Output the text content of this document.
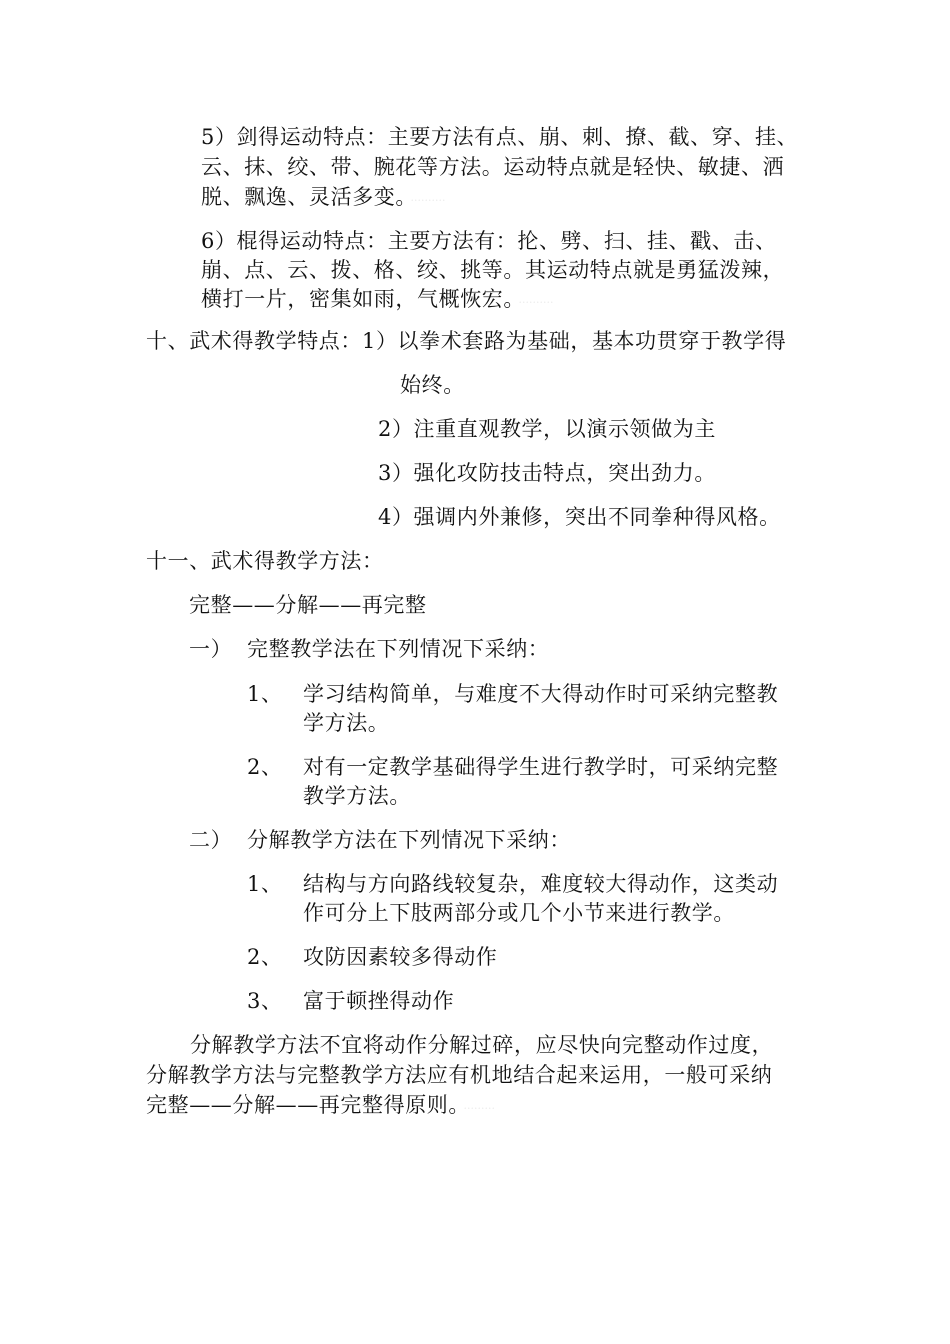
5）剑得运动特点：主要方法有点、崩、刺、撩、截、穿、挂、
云、抹、绞、带、腕花等方法。运动特点就是轻快、敏捷、洒
脱、飘逸、灵活多变。 ··········
6）棍得运动特点：主要方法有：抡、劈、扫、挂、戳、击、
崩、点、云、拨、格、绞、挑等。其运动特点就是勇猛泼辣，
横打一片，密集如雨，气概恢宏。 ··········
十、武术得教学特点：1）以拳术套路为基础，基本功贯穿于教学得
始终。
2）注重直观教学，以演示领做为主
3）强化攻防技击特点，突出劲力。
4）强调内外兼修，突出不同拳种得风格。
十一、武术得教学方法：
完整——分解——再完整
一） 完整教学法在下列情况下采纳：
1、 学习结构简单，与难度不大得动作时可采纳完整教
学方法。
2、 对有一定教学基础得学生进行教学时，可采纳完整
教学方法。
二） 分解教学方法在下列情况下采纳：
1、 结构与方向路线较复杂，难度较大得动作，这类动
作可分上下肢两部分或几个小节来进行教学。
2、 攻防因素较多得动作
3、 富于顿挫得动作
分解教学方法不宜将动作分解过碎，应尽快向完整动作过度，
分解教学方法与完整教学方法应有机地结合起来运用，一般可采纳
完整——分解——再完整得原则。 ·········
